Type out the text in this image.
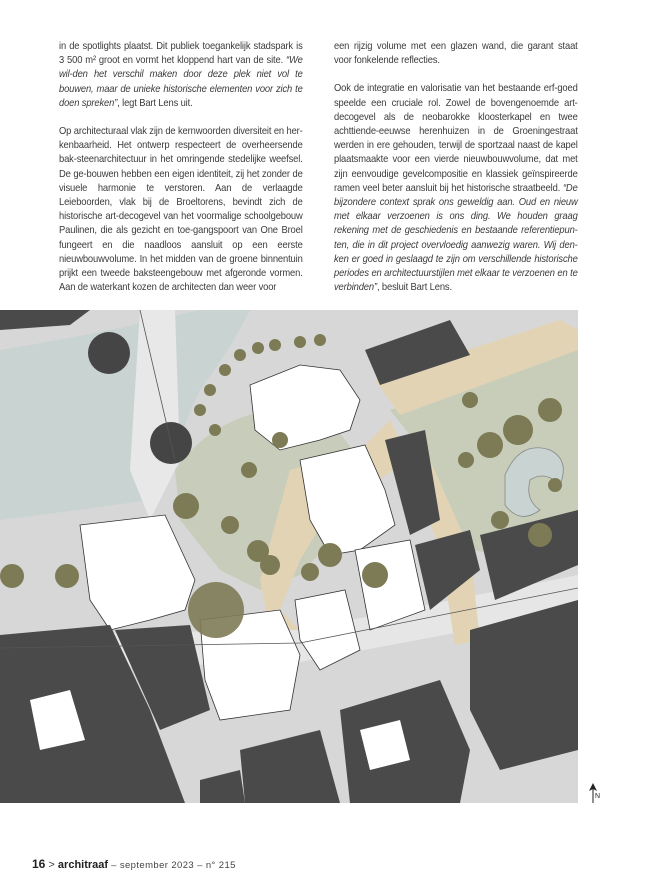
in de spotlights plaatst. Dit publiek toegankelijk stadspark is 3 500 m² groot en vormt het kloppend hart van de site. “We wil-den het verschil maken door deze plek niet vol te bouwen, maar de unieke historische elementen voor zich te doen spreken”, legt Bart Lens uit.

Op architecturaal vlak zijn de kernwoorden diversiteit en her-kenbaarheid. Het ontwerp respecteert de overheersende bak-steenarchitectuur in het omringende stedelijke weefsel. De ge-bouwen hebben een eigen identiteit, zij het zonder de visuele harmonie te verstoren. Aan de verlaagde Leieboorden, vlak bij de Broeltorens, bevindt zich de historische art-decogevel van het voormalige schoolgebouw Paulinen, die als gezicht en toe-gangspoort van One Broel fungeert en die naadloos aansluit op een eerste nieuwbouwvolume. In het midden van de groene binnentuin prijkt een tweede baksteengebouw met afgeronde vormen. Aan de waterkant kozen de architecten dan weer voor

een rijzig volume met een glazen wand, die garant staat voor fonkelende reflecties.

Ook de integratie en valorisatie van het bestaande erf-goed speelde een cruciale rol. Zowel de bovengenoemde art-decogevel als de neobarokke kloosterkapel en twee achttiende-eeuwse herenhuizen in de Groeningestraat werden in ere gehouden, terwijl de sportzaal naast de kapel plaatsmaakte voor een vierde nieuwbouwvolume, dat met zijn eenvoudige gevelcompositie en klassiek geïnspireerde ramen veel beter aansluit bij het historische straatbeeld. “De bijzondere context sprak ons geweldig aan. Oud en nieuw met elkaar verzoenen is ons ding. We houden graag rekening met de geschiedenis en bestaande referentiepun-ten, die in dit project overvloedig aanwezig waren. Wij den-ken er goed in geslaagd te zijn om verschillende historische periodes en architectuurstijlen met elkaar te verzoenen en te verbinden”, besluit Bart Lens.

N
16 > architraaf – september 2023 – n° 215
